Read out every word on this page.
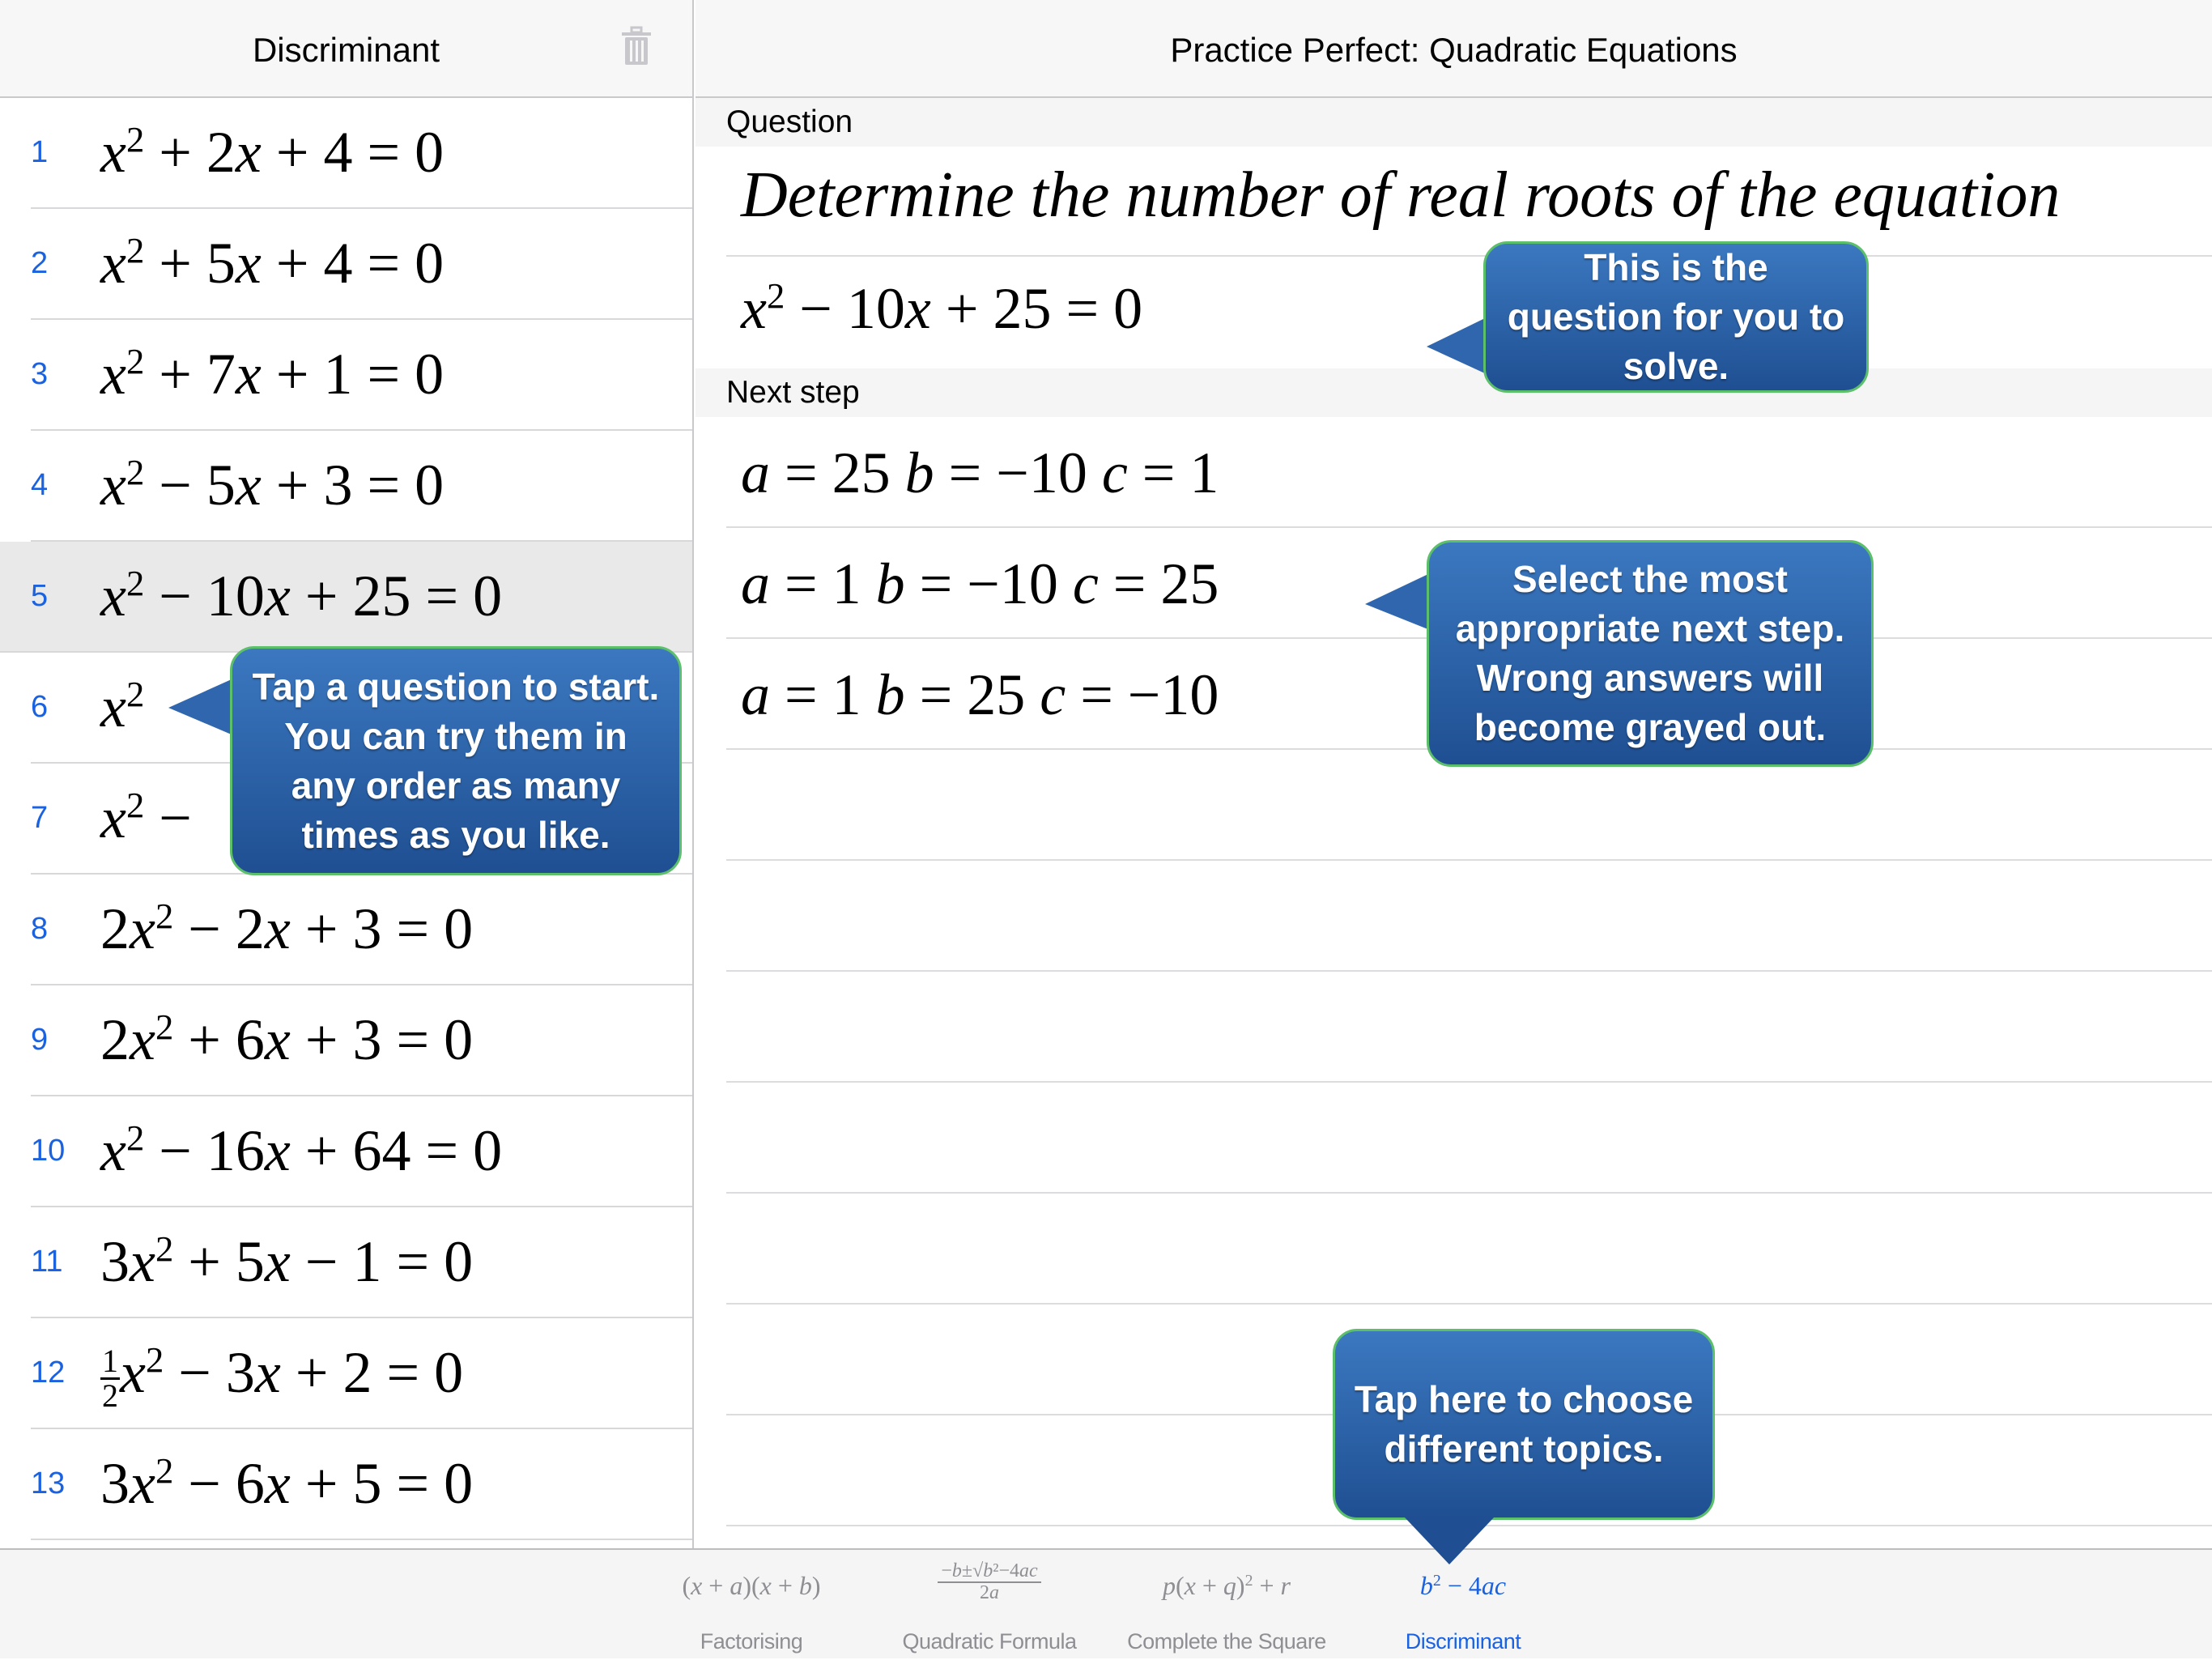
Discriminant
1 $x^2 + 2x + 4 = 0$
2 $x^2 + 5x + 4 = 0$
3 $x^2 + 7x + 1 = 0$
4 $x^2 - 5x + 3 = 0$
5 $x^2 - 10x + 25 = 0$
6 $x^2$
7 $x^2$ −
8 $2x^2 - 2x + 3 = 0$
9 $2x^2 + 6x + 3 = 0$
10 $x^2 - 16x + 64 = 0$
11 $3x^2 + 5x - 1 = 0$
12	$\frac{1}{2} x^2 - 3x + 2 = 0$
13 $3x^2 - 6x + 5 = 0$
Practice Perfect: Quadratic Equations
Question
Determine the number of real roots of the equation
$x^2 - 10x + 25 = 0$
Next step
a = 25 b = −10 c = 1
a = 1 b = −10 c = 25
a = 1 b = 25 c = −10
(x + a)(x + b)
Factorising
$\frac{\text{−b±√b²−4ac}}{2a}$
Quadratic Formula
$p(x + q)^2 + r$
Complete the Square
$b^2 - 4ac$
Discriminant
Tap a question to start. You can try them in any order as many times as you like.
This is the question for you to solve.
Select the most appropriate next step. Wrong answers will become grayed out.
Tap here to choose different topics.
